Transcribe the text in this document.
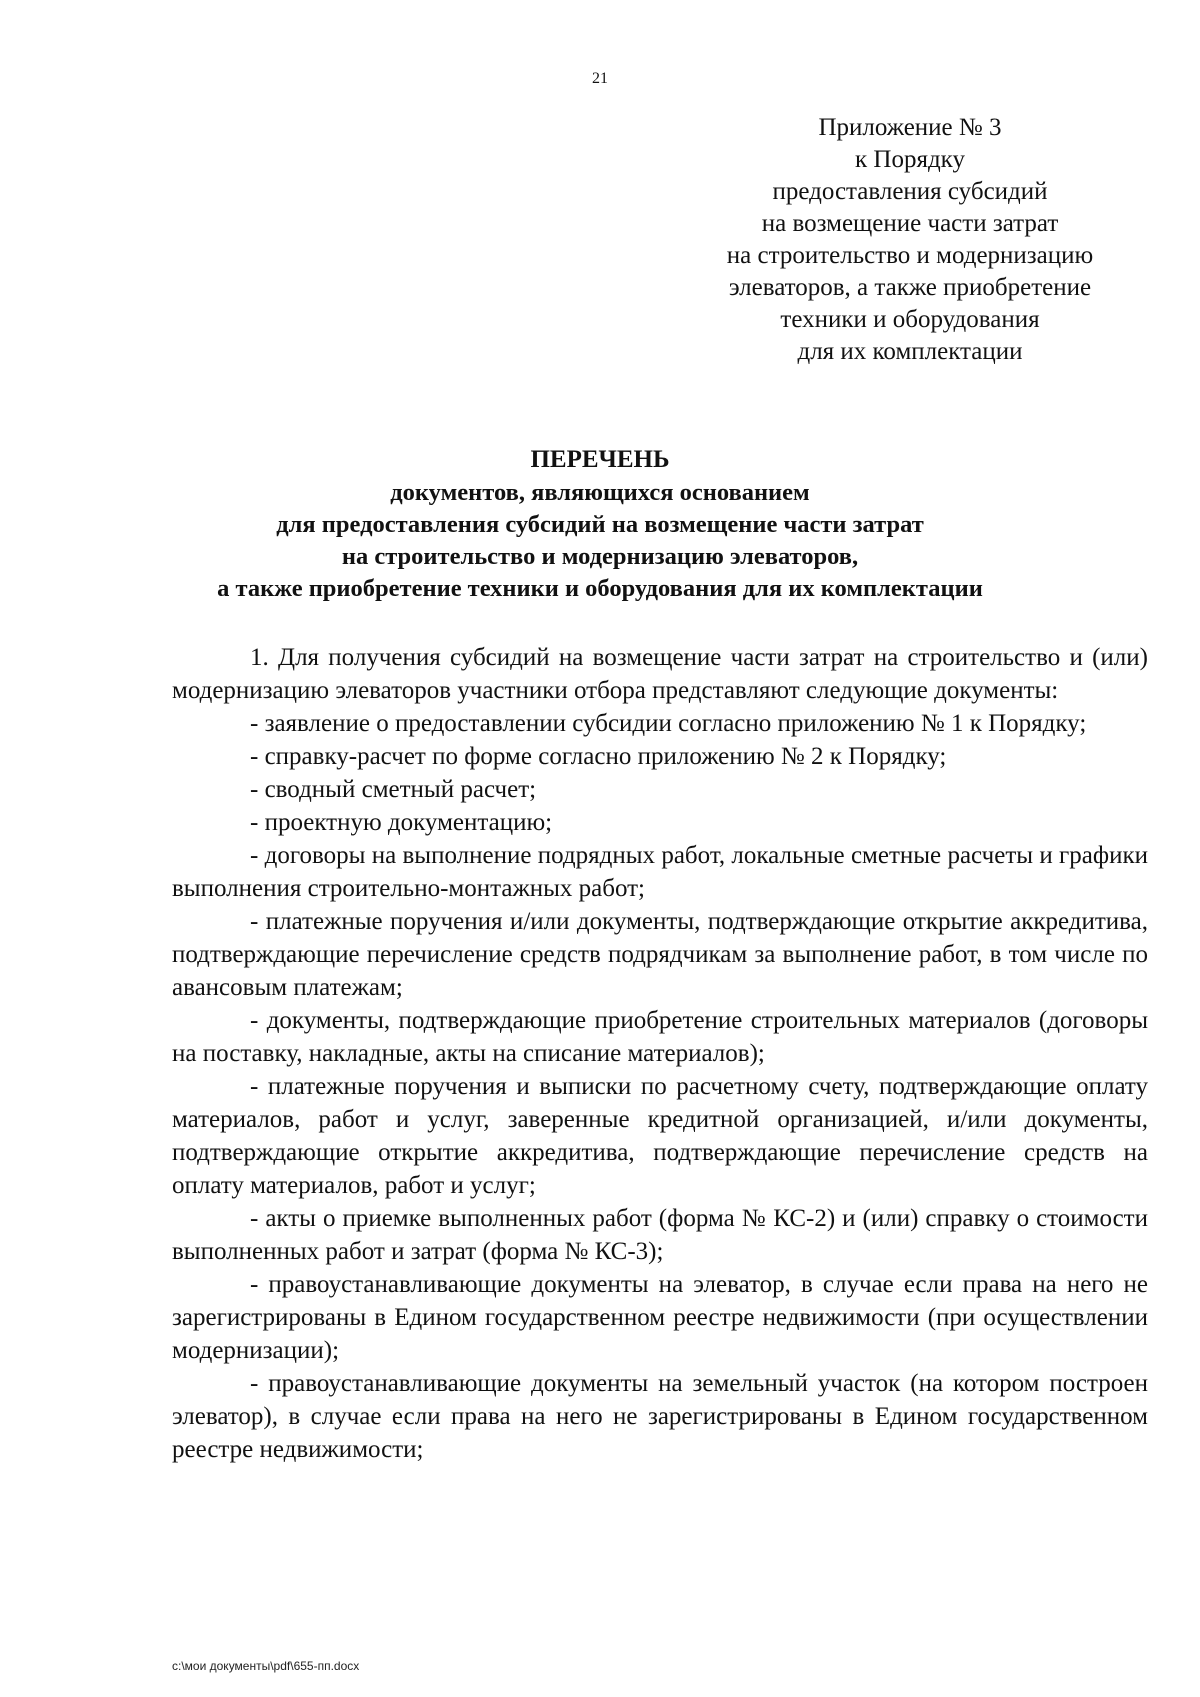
21
Приложение № 3
к Порядку
предоставления субсидий
на возмещение части затрат
на строительство и модернизацию
элеваторов, а также приобретение
техники и оборудования
для их комплектации
ПЕРЕЧЕНЬ
документов, являющихся основанием
для предоставления субсидий на возмещение части затрат
на строительство и модернизацию элеваторов,
а также приобретение техники и оборудования для их комплектации

1. Для получения субсидий на возмещение части затрат на строительство и (или) модернизацию элеваторов участники отбора представляют следующие документы:

- заявление о предоставлении субсидии согласно приложению № 1 к Порядку;

- справку-расчет по форме согласно приложению № 2 к Порядку;

- сводный сметный расчет;

- проектную документацию;

- договоры на выполнение подрядных работ, локальные сметные расчеты и графики выполнения строительно-монтажных работ;

- платежные поручения и/или документы, подтверждающие открытие аккредитива, подтверждающие перечисление средств подрядчикам за выполнение работ, в том числе по авансовым платежам;

- документы, подтверждающие приобретение строительных материалов (договоры на поставку, накладные, акты на списание материалов);

- платежные поручения и выписки по расчетному счету, подтверждающие оплату материалов, работ и услуг, заверенные кредитной организацией, и/или документы, подтверждающие открытие аккредитива, подтверждающие перечисление средств на оплату материалов, работ и услуг;

- акты о приемке выполненных работ (форма № КС-2) и (или) справку о стоимости выполненных работ и затрат (форма № КС-3);

- правоустанавливающие документы на элеватор, в случае если права на него не зарегистрированы в Едином государственном реестре недвижимости (при осуществлении модернизации);

- правоустанавливающие документы на земельный участок (на котором построен элеватор), в случае если права на него не зарегистрированы в Едином государственном реестре недвижимости;

c:\мои документы\pdf\655-пп.docx
